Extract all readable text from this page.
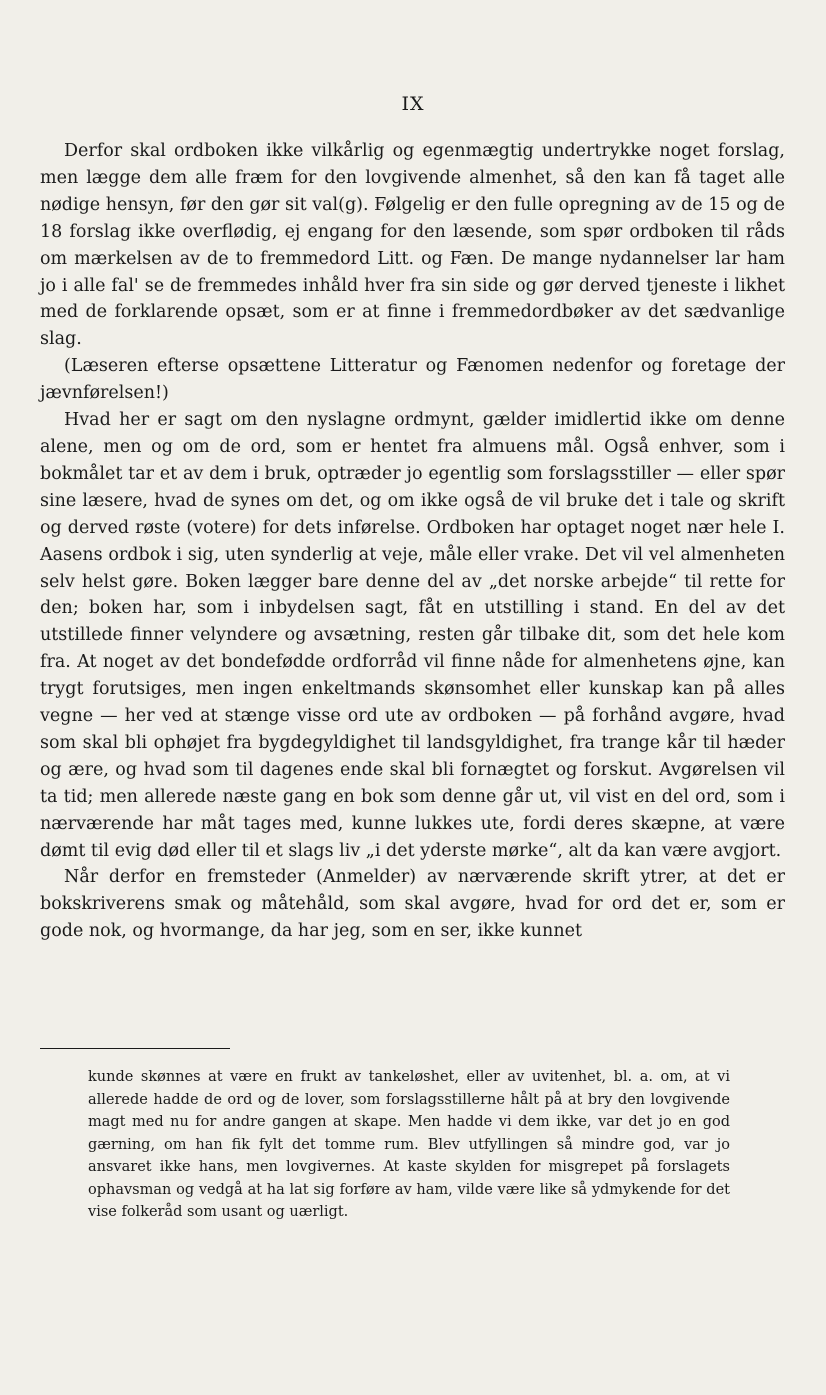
IX

Derfor skal ordboken ikke vilkårlig og egenmægtig undertrykke noget forslag, men lægge dem alle fræm for den lovgivende almenhet, så den kan få taget alle nødige hensyn, før den gør sit val(g). Følgelig er den fulle opregning av de 15 og de 18 forslag ikke overflødig, ej engang for den læsende, som spør ordboken til råds om mærkelsen av de to fremmedord Litt. og Fæn. De mange nydannelser lar ham jo i alle fal' se de fremmedes inhåld hver fra sin side og gør derved tjeneste i likhet med de forklarende opsæt, som er at finne i fremmedordbøker av det sædvanlige slag.

(Læseren efterse opsættene Litteratur og Fænomen nedenfor og foretage der jævnførelsen!)

Hvad her er sagt om den nyslagne ordmynt, gælder imidlertid ikke om denne alene, men og om de ord, som er hentet fra almuens mål. Også enhver, som i bokmålet tar et av dem i bruk, optræder jo egentlig som forslagsstiller — eller spør sine læsere, hvad de synes om det, og om ikke også de vil bruke det i tale og skrift og derved røste (votere) for dets inførelse. Ordboken har optaget noget nær hele I. Aasens ordbok i sig, uten synderlig at veje, måle eller vrake. Det vil vel almenheten selv helst gøre. Boken lægger bare denne del av „det norske arbejde“ til rette for den; boken har, som i inbydelsen sagt, fåt en utstilling i stand. En del av det utstillede finner velyndere og avsætning, resten går tilbake dit, som det hele kom fra. At noget av det bondefødde ordforråd vil finne nåde for almenhetens øjne, kan trygt forutsiges, men ingen enkeltmands skønsomhet eller kunskap kan på alles vegne — her ved at stænge visse ord ute av ordboken — på forhånd avgøre, hvad som skal bli ophøjet fra bygdegyldighet til landsgyldighet, fra trange kår til hæder og ære, og hvad som til dagenes ende skal bli fornægtet og forskut. Avgørelsen vil ta tid; men allerede næste gang en bok som denne går ut, vil vist en del ord, som i nærværende har måt tages med, kunne lukkes ute, fordi deres skæpne, at være dømt til evig død eller til et slags liv „i det yderste mørke“, alt da kan være avgjort.

Når derfor en fremsteder (Anmelder) av nærværende skrift ytrer, at det er bokskriverens smak og måtehåld, som skal avgøre, hvad for ord det er, som er gode nok, og hvormange, da har jeg, som en ser, ikke kunnet

kunde skønnes at være en frukt av tankeløshet, eller av uvitenhet, bl. a. om, at vi allerede hadde de ord og de lover, som forslagsstillerne hålt på at bry den lovgivende magt med nu for andre gangen at skape. Men hadde vi dem ikke, var det jo en god gærning, om han fik fylt det tomme rum. Blev utfyllingen så mindre god, var jo ansvaret ikke hans, men lovgivernes. At kaste skylden for misgrepet på forslagets ophavsman og vedgå at ha lat sig forføre av ham, vilde være like så ydmykende for det vise folkeråd som usant og uærligt.
